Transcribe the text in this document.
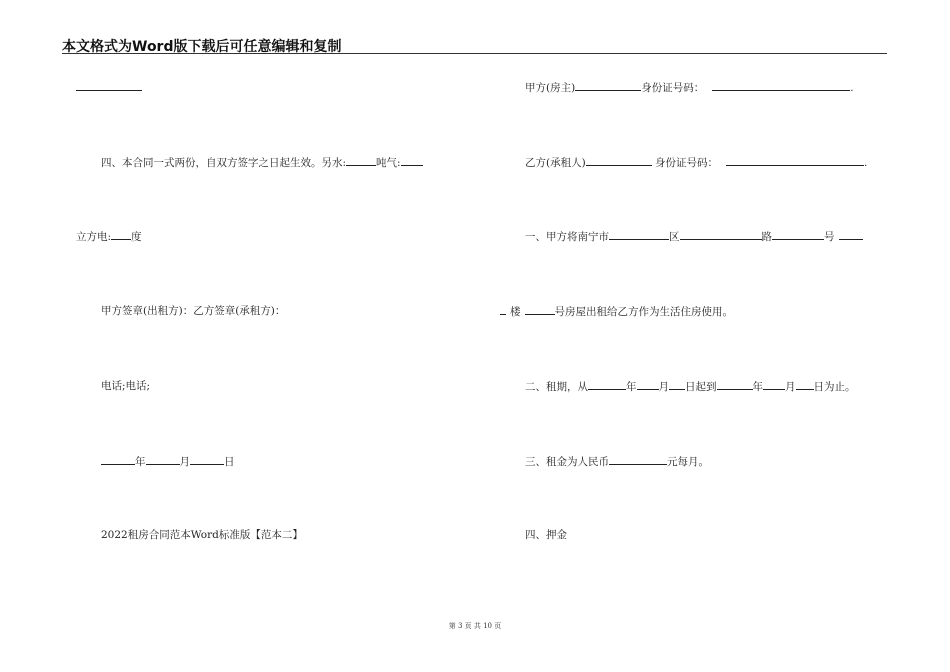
本文格式为Word版下载后可任意编辑和复制
四、本合同一式两份，自双方签字之日起生效。另水:	吨气:
立方电: 度
甲方签章(出租方)：乙方签章(承租方)：
电话;电话;
年	月	日
2022租房合同范本Word标准版【范本二】
甲方(房主)	身份证号码：	.
乙方(承租人)	身份证号码：	.
一、甲方将南宁市	区	路	号
楼	号房屋出租给乙方作为生活住房使用。
二、租期，从	年 月 日起到	年 月 日为止。
三、租金为人民币	元每月。
四、押金
第 3 页 共 10 页
